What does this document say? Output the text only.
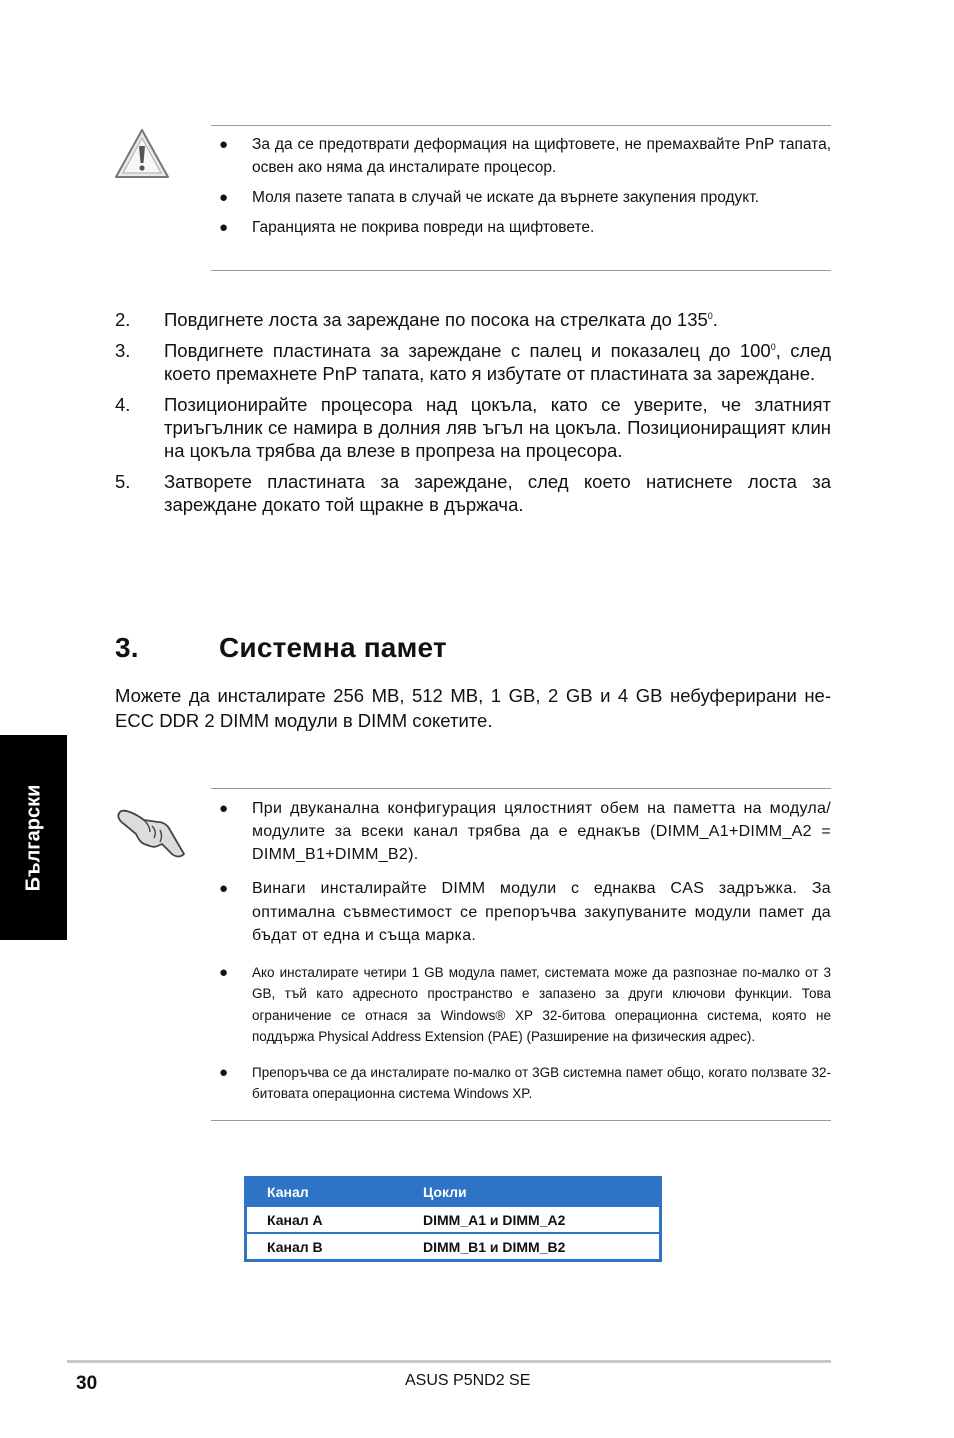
● За да се предотврати деформация на щифтовете, не премахвайте PnP тапата, освен ако няма да инсталирате процесор.
● Моля пазете тапата в случай че искате да върнете закупения продукт.
● Гаранцията не покрива повреди на щифтовете.
2. Повдигнете лоста за зареждане по посока на стрелката до $135^0$.
3. Повдигнете пластината за зареждане с палец и показалец до $100^0$, след което премахнете PnP тапата, като я избутате от пластината за зареждане.
4. Позиционирайте процесора над цокъла, като се уверите, че златният триъгълник се намира в долния ляв ъгъл на цокъла. Позициониращият клин на цокъла трябва да влезе в пропреза на процесора.
5. Затворете пластината за зареждане, след което натиснете лоста за зареждане докато той щракне в държача.
3.	Системна памет

Можете да инсталирате 256 MB, 512 MB, 1 GB, 2 GB и 4 GB небуферирани не-ECC DDR 2 DIMM модули в DIMM сокетите.

Български	● При двуканална конфигурация цялостният обем на паметта на модула/модулите за всеки канал трябва да е еднакъв (DIMM_A1+DIMM_A2 = DIMM_B1+DIMM_B2).
● Винаги инсталирайте DIMM модули с еднаква CAS задръжка. За оптимална съвместимост се препоръчва закупуваните модули памет да бъдат от една и съща марка.
● Ако инсталирате четири 1 GB модула памет, системата може да разпознае по-малко от 3 GB, тъй като адресното пространство е запазено за други ключови функции. Това ограничение се отнася за Windows® XP 32-битова операционна система, която не поддържа Physical Address Extension (PAE) (Разширение на физическия адрес).
● Препоръчва се да инсталирате по-малко от 3GB системна памет общо, когато ползвате 32-битовата операционна система Windows XP.
Канал	Цокли
Канал A	DIMM_A1 и DIMM_A2
Канал B	DIMM_B1 и DIMM_B2
30	ASUS P5ND2 SE
